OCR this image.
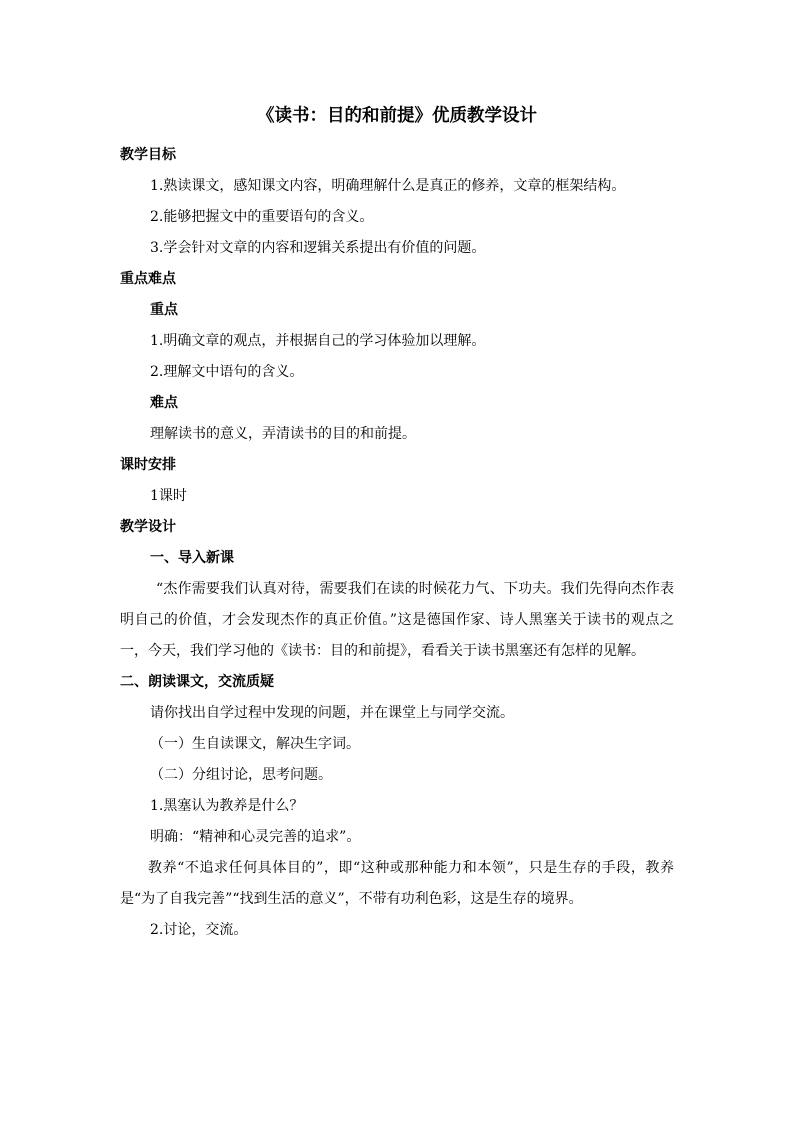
《读书：目的和前提》优质教学设计
教学目标
1.熟读课文，感知课文内容，明确理解什么是真正的修养，文章的框架结构。
2.能够把握文中的重要语句的含义。
3.学会针对文章的内容和逻辑关系提出有价值的问题。
重点难点
重点
1.明确文章的观点，并根据自己的学习体验加以理解。
2.理解文中语句的含义。
难点
理解读书的意义，弄清读书的目的和前提。
课时安排
1课时
教学设计
一、导入新课

“杰作需要我们认真对待，需要我们在读的时候花力气、下功夫。我们先得向杰作表明自己的价值，才会发现杰作的真正价值。”这是德国作家、诗人黑塞关于读书的观点之一，今天，我们学习他的《读书：目的和前提》，看看关于读书黑塞还有怎样的见解。

二、朗读课文，交流质疑
请你找出自学过程中发现的问题，并在课堂上与同学交流。
（一）生自读课文，解决生字词。
（二）分组讨论，思考问题。
1.黑塞认为教养是什么？
明确：“精神和心灵完善的追求”。

教养“不追求任何具体目的”，即“这种或那种能力和本领”，只是生存的手段，教养是“为了自我完善”“找到生活的意义”，不带有功利色彩，这是生存的境界。

2.讨论，交流。
